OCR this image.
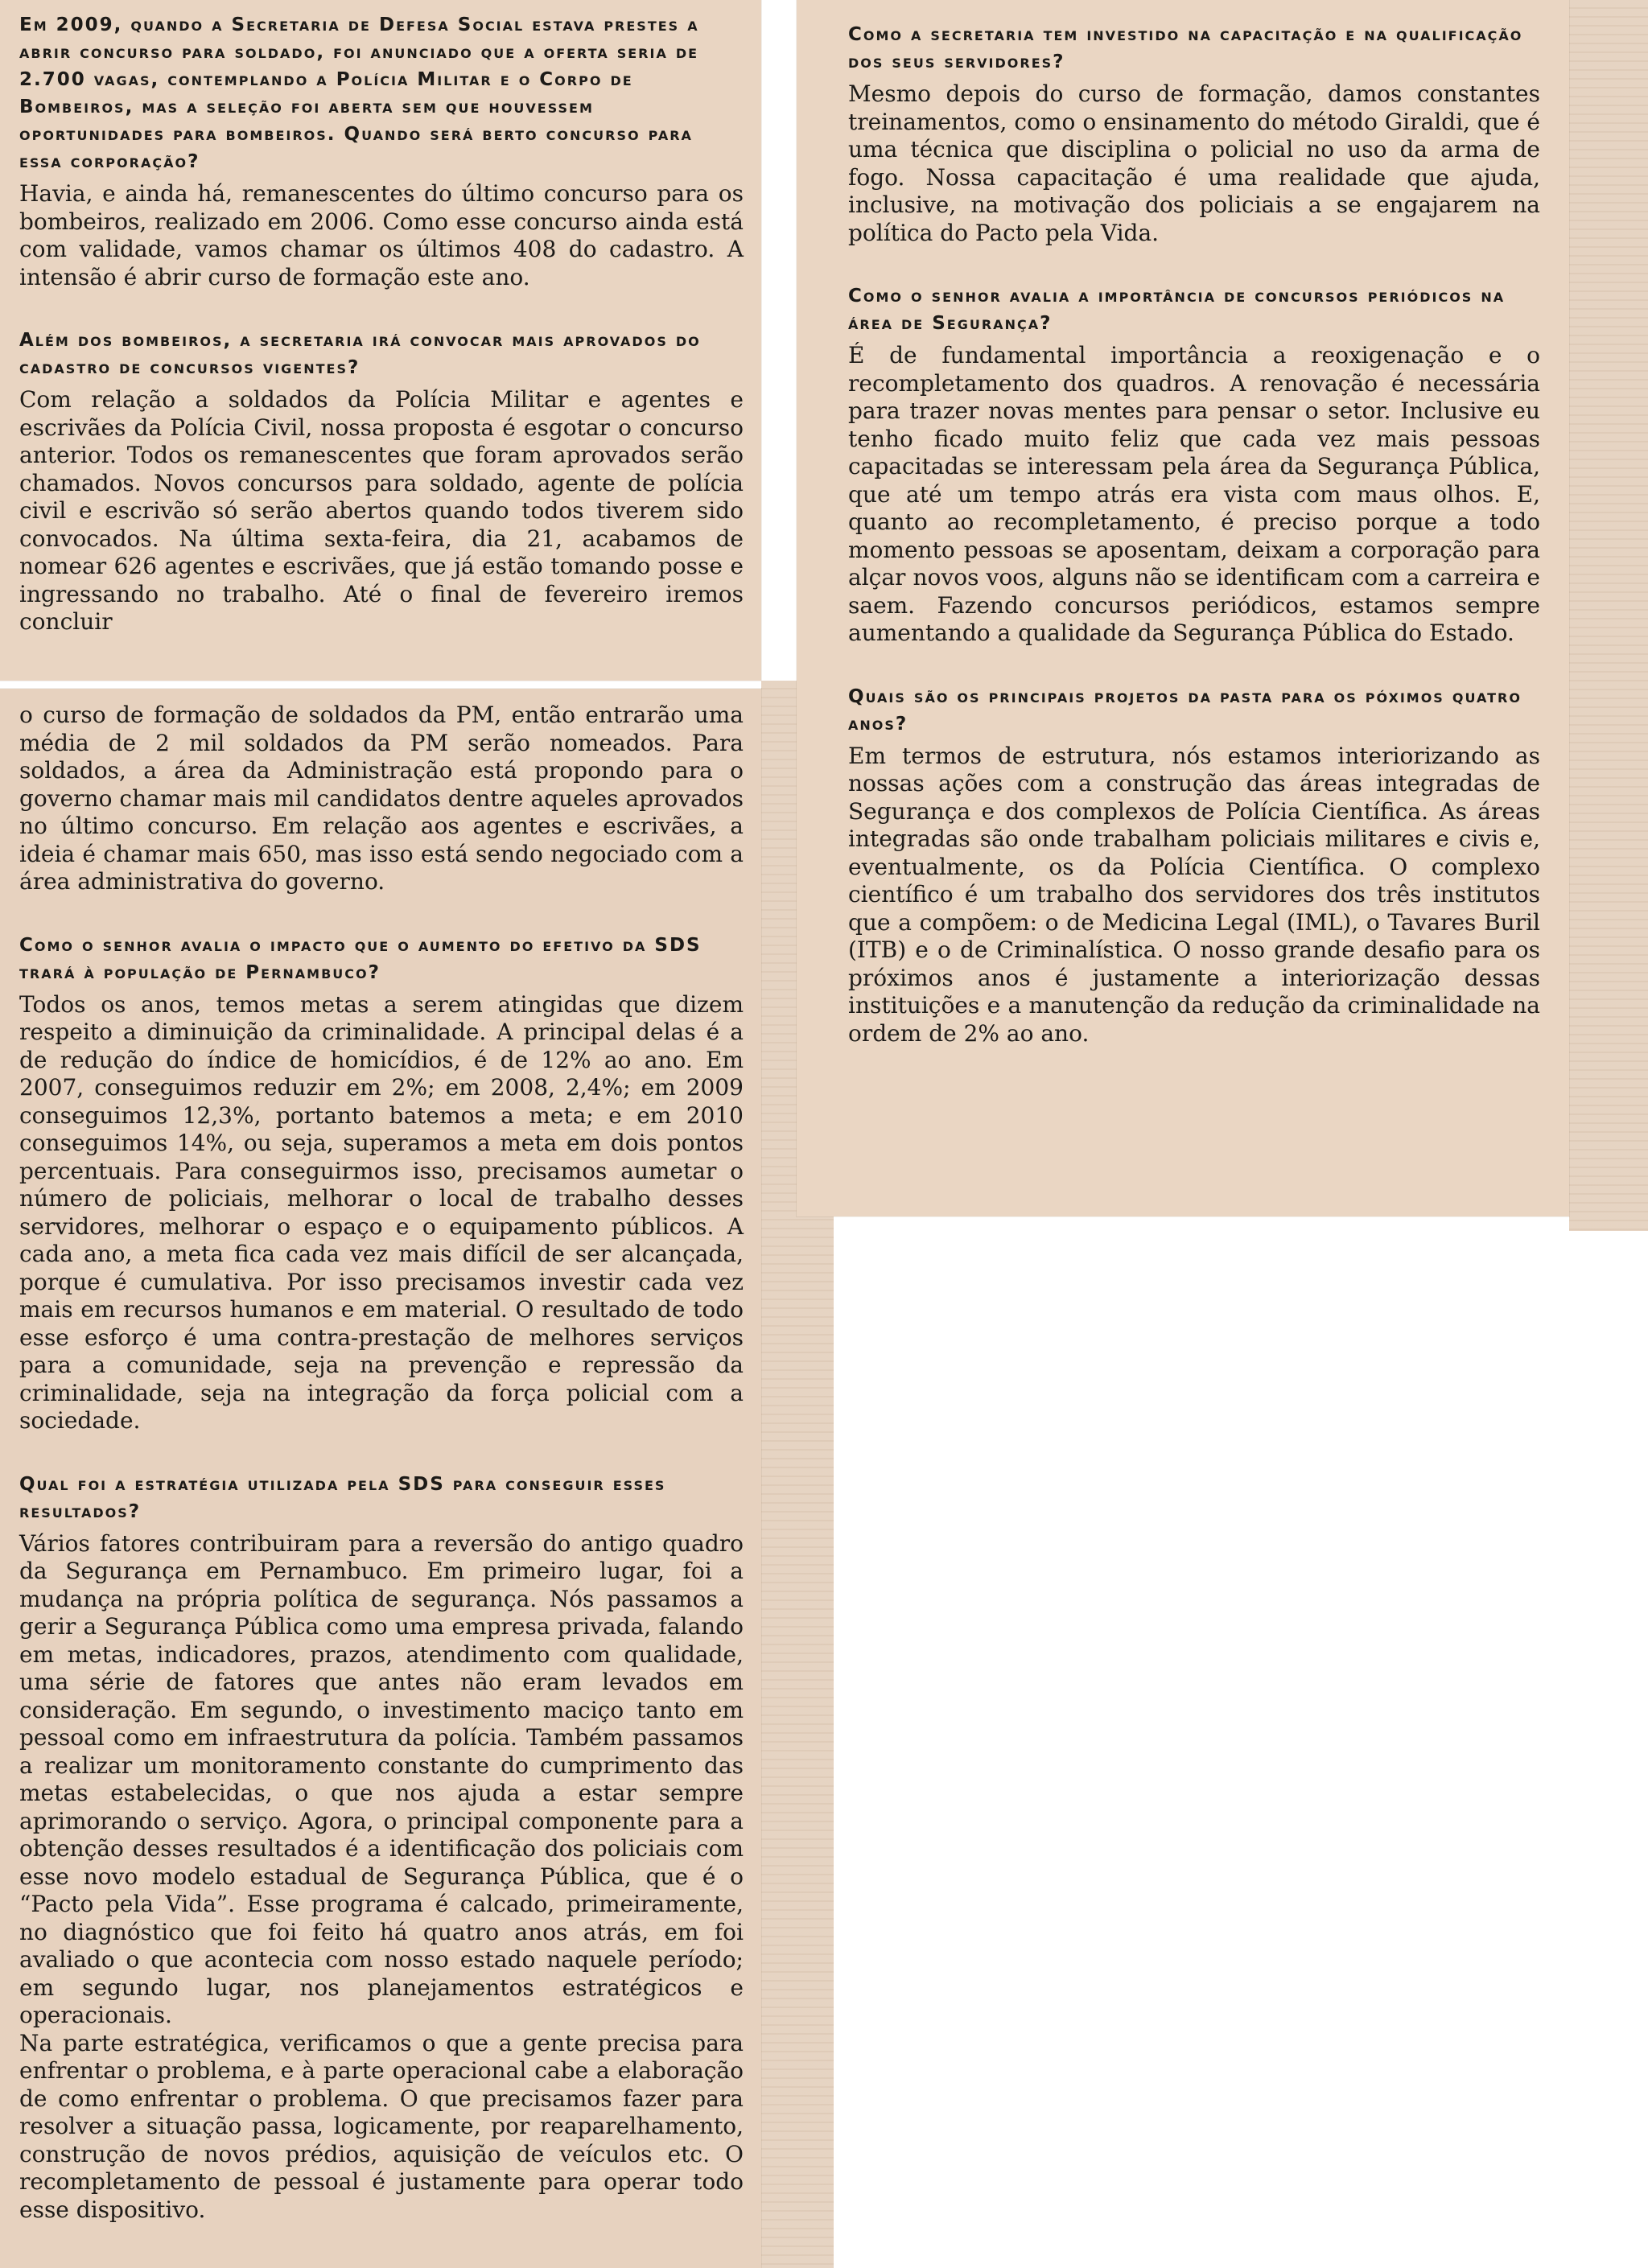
Em 2009, quando a Secretaria de Defesa Social estava prestes a abrir concurso para soldado, foi anunciado que a oferta seria de 2.700 vagas, contemplando a Polícia Militar e o Corpo de Bombeiros, mas a seleção foi aberta sem que houvessem oportunidades para bombeiros. Quando será berto concurso para essa corporação?

Havia, e ainda há, remanescentes do último concurso para os bombeiros, realizado em 2006. Como esse concurso ainda está com validade, vamos chamar os últimos 408 do cadastro. A intensão é abrir curso de formação este ano.

Além dos bombeiros, a secretaria irá convocar mais aprovados do cadastro de concursos vigentes?

Com relação a soldados da Polícia Militar e agentes e escrivães da Polícia Civil, nossa proposta é esgotar o concurso anterior. Todos os remanescentes que foram aprovados serão chamados. Novos concursos para soldado, agente de polícia civil e escrivão só serão abertos quando todos tiverem sido convocados. Na última sexta-feira, dia 21, acabamos de nomear 626 agentes e escrivães, que já estão tomando posse e ingressando no trabalho. Até o final de fevereiro iremos concluir

o curso de formação de soldados da PM, então entrarão uma média de 2 mil soldados da PM serão nomeados. Para soldados, a área da Administração está propondo para o governo chamar mais mil candidatos dentre aqueles aprovados no último concurso. Em relação aos agentes e escrivães, a ideia é chamar mais 650, mas isso está sendo negociado com a área administrativa do governo.

Como o senhor avalia o impacto que o aumento do efetivo da SDS trará à população de Pernambuco?

Todos os anos, temos metas a serem atingidas que dizem respeito a diminuição da criminalidade. A principal delas é a de redução do índice de homicídios, é de 12% ao ano. Em 2007, conseguimos reduzir em 2%; em 2008, 2,4%; em 2009 conseguimos 12,3%, portanto batemos a meta; e em 2010 conseguimos 14%, ou seja, superamos a meta em dois pontos percentuais. Para conseguirmos isso, precisamos aumetar o número de policiais, melhorar o local de trabalho desses servidores, melhorar o espaço e o equipamento públicos. A cada ano, a meta fica cada vez mais difícil de ser alcançada, porque é cumulativa. Por isso precisamos investir cada vez mais em recursos humanos e em material. O resultado de todo esse esforço é uma contra-prestação de melhores serviços para a comunidade, seja na prevenção e repressão da criminalidade, seja na integração da força policial com a sociedade.

Qual foi a estratégia utilizada pela SDS para conseguir esses resultados?

Vários fatores contribuiram para a reversão do antigo quadro da Segurança em Pernambuco. Em primeiro lugar, foi a mudança na própria política de segurança. Nós passamos a gerir a Segurança Pública como uma empresa privada, falando em metas, indicadores, prazos, atendimento com qualidade, uma série de fatores que antes não eram levados em consideração. Em segundo, o investimento maciço tanto em pessoal como em infraestrutura da polícia. Também passamos a realizar um monitoramento constante do cumprimento das metas estabelecidas, o que nos ajuda a estar sempre aprimorando o serviço. Agora, o principal componente para a obtenção desses resultados é a identificação dos policiais com esse novo modelo estadual de Segurança Pública, que é o “Pacto pela Vida”. Esse programa é calcado, primeiramente, no diagnóstico que foi feito há quatro anos atrás, em foi avaliado o que acontecia com nosso estado naquele período; em segundo lugar, nos planejamentos estratégicos e operacionais.

Na parte estratégica, verificamos o que a gente precisa para enfrentar o problema, e à parte operacional cabe a elaboração de como enfrentar o problema. O que precisamos fazer para resolver a situação passa, logicamente, por reaparelhamento, construção de novos prédios, aquisição de veículos etc. O recompletamento de pessoal é justamente para operar todo esse dispositivo.

Como a secretaria tem investido na capacitação e na qualificação dos seus servidores?

Mesmo depois do curso de formação, damos constantes treinamentos, como o ensinamento do método Giraldi, que é uma técnica que disciplina o policial no uso da arma de fogo. Nossa capacitação é uma realidade que ajuda, inclusive, na motivação dos policiais a se engajarem na política do Pacto pela Vida.

Como o senhor avalia a importância de concursos periódicos na área de Segurança?

É de fundamental importância a reoxigenação e o recompletamento dos quadros. A renovação é necessária para trazer novas mentes para pensar o setor. Inclusive eu tenho ficado muito feliz que cada vez mais pessoas capacitadas se interessam pela área da Segurança Pública, que até um tempo atrás era vista com maus olhos. E, quanto ao recompletamento, é preciso porque a todo momento pessoas se aposentam, deixam a corporação para alçar novos voos, alguns não se identificam com a carreira e saem. Fazendo concursos periódicos, estamos sempre aumentando a qualidade da Segurança Pública do Estado.

Quais são os principais projetos da pasta para os póximos quatro anos?

Em termos de estrutura, nós estamos interiorizando as nossas ações com a construção das áreas integradas de Segurança e dos complexos de Polícia Científica. As áreas integradas são onde trabalham policiais militares e civis e, eventualmente, os da Polícia Científica. O complexo científico é um trabalho dos servidores dos três institutos que a compõem: o de Medicina Legal (IML), o Tavares Buril (ITB) e o de Criminalística. O nosso grande desafio para os próximos anos é justamente a interiorização dessas instituições e a manutenção da redução da criminalidade na ordem de 2% ao ano.
